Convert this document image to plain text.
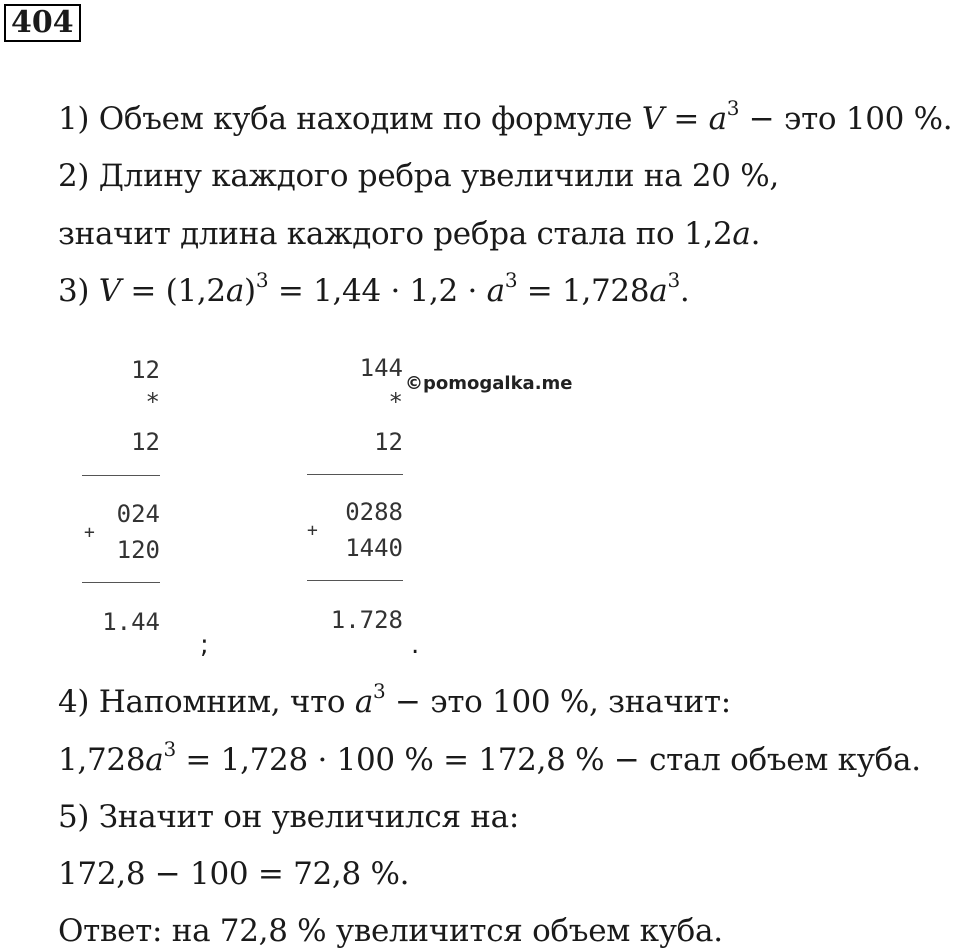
404
1) Объем куба находим по формуле $V = a^3$ − это 100 %.
2) Длину каждого ребра увеличили на 20 %,
значит длина каждого ребра стала по 1,2a.
3) $V = (1,2a)^3 = 1,44 \cdot 1,2 \cdot a^3 = 1,728a^3$.
12
*
12
024
+
120
1.44
;
144
*
12
0288
+
1440
1.728
.
©pomogalka.me
4) Напомним, что $a^3$ − это 100 %, значит:
$1,728a^3 = 1,728 \cdot 100$ % = 172,8 % − стал объем куба.
5) Значит он увеличился на:
172,8 − 100 = 72,8 %.
Ответ: на 72,8 % увеличится объем куба.
